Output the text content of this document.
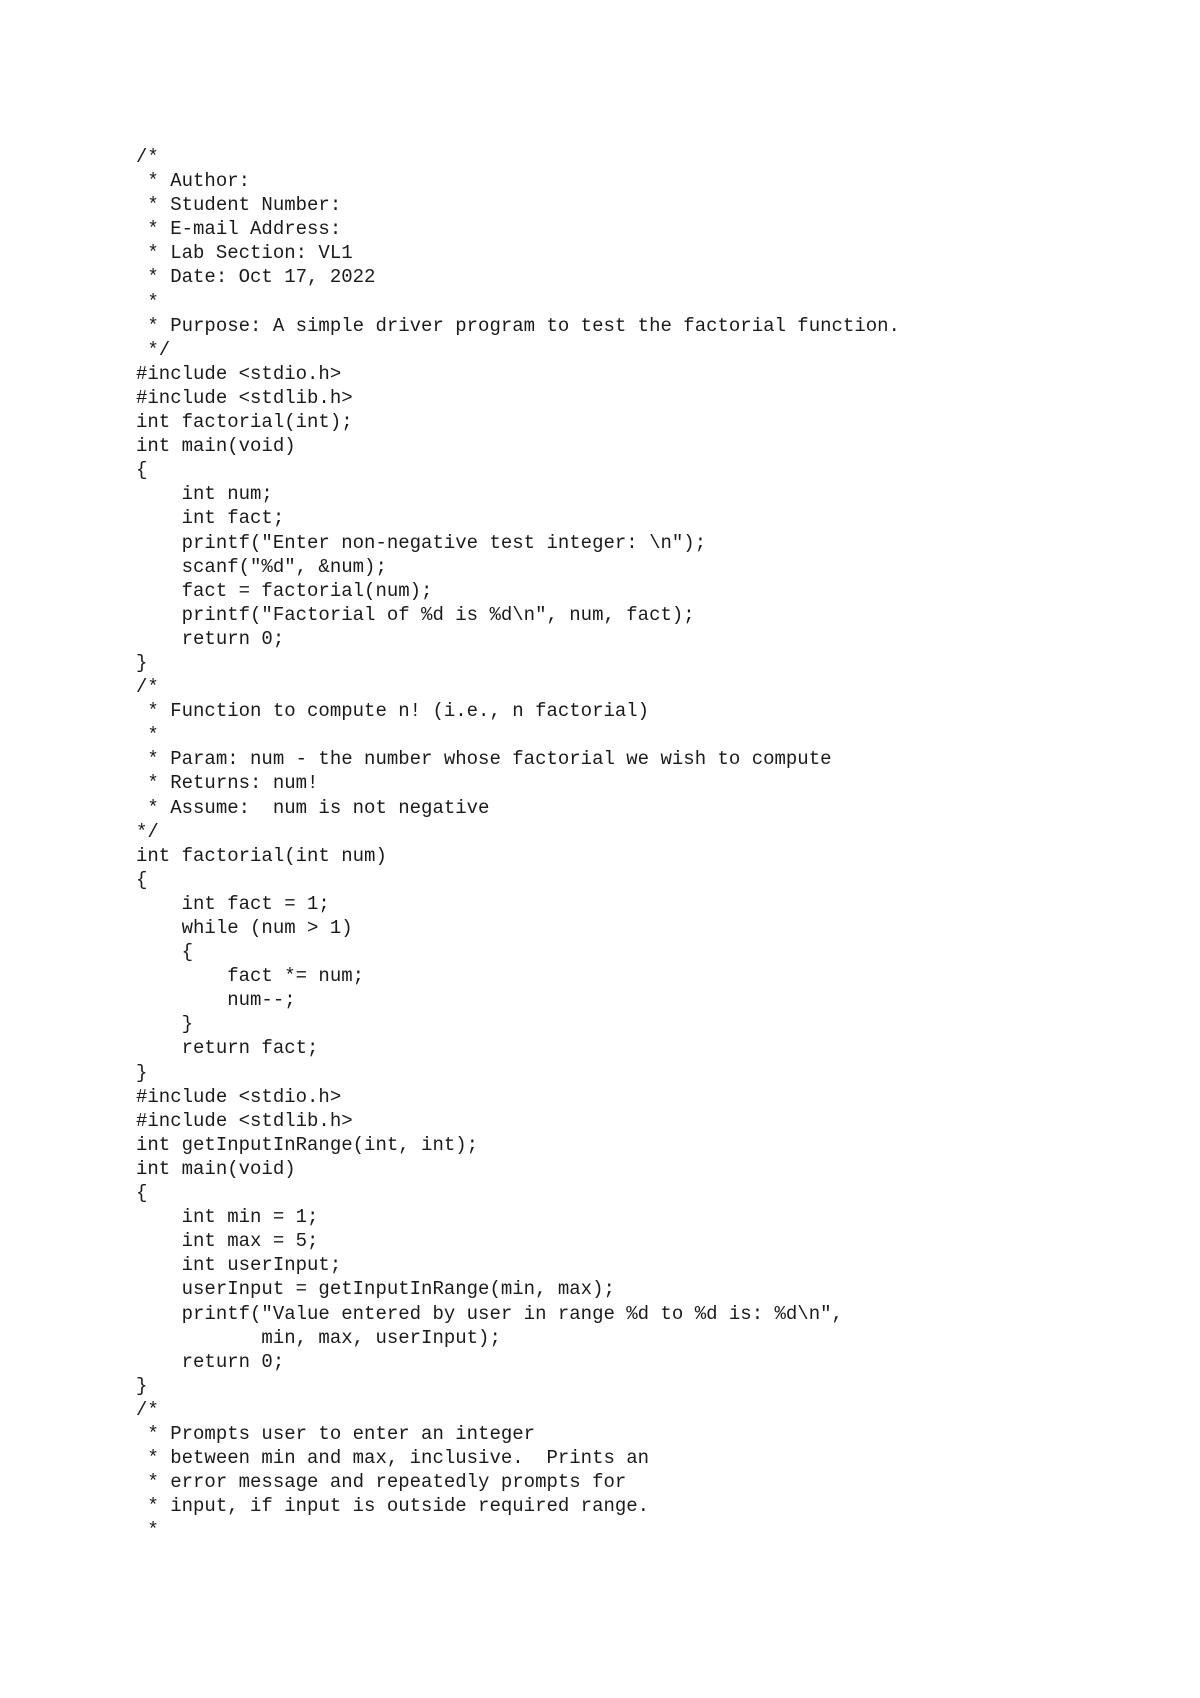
/*
* Author:
* Student Number:
* E-mail Address:
* Lab Section: VL1
* Date: Oct 17, 2022
*
* Purpose: A simple driver program to test the factorial function.
*/
#include <stdio.h>
#include <stdlib.h>
int factorial(int);
int main(void)
{
int num;
int fact;
printf("Enter non-negative test integer: \n");
scanf("%d", &num);
fact = factorial(num);
printf("Factorial of %d is %d\n", num, fact);
return 0;
}
/*
* Function to compute n! (i.e., n factorial)
*
* Param: num - the number whose factorial we wish to compute
* Returns: num!
* Assume:  num is not negative
*/
int factorial(int num)
{
int fact = 1;
while (num > 1)
{
fact *= num;
num--;
}
return fact;
}
#include <stdio.h>
#include <stdlib.h>
int getInputInRange(int, int);
int main(void)
{
int min = 1;
int max = 5;
int userInput;
userInput = getInputInRange(min, max);
printf("Value entered by user in range %d to %d is: %d\n",
min, max, userInput);
return 0;
}
/*
* Prompts user to enter an integer
* between min and max, inclusive.  Prints an
* error message and repeatedly prompts for
* input, if input is outside required range.
*
